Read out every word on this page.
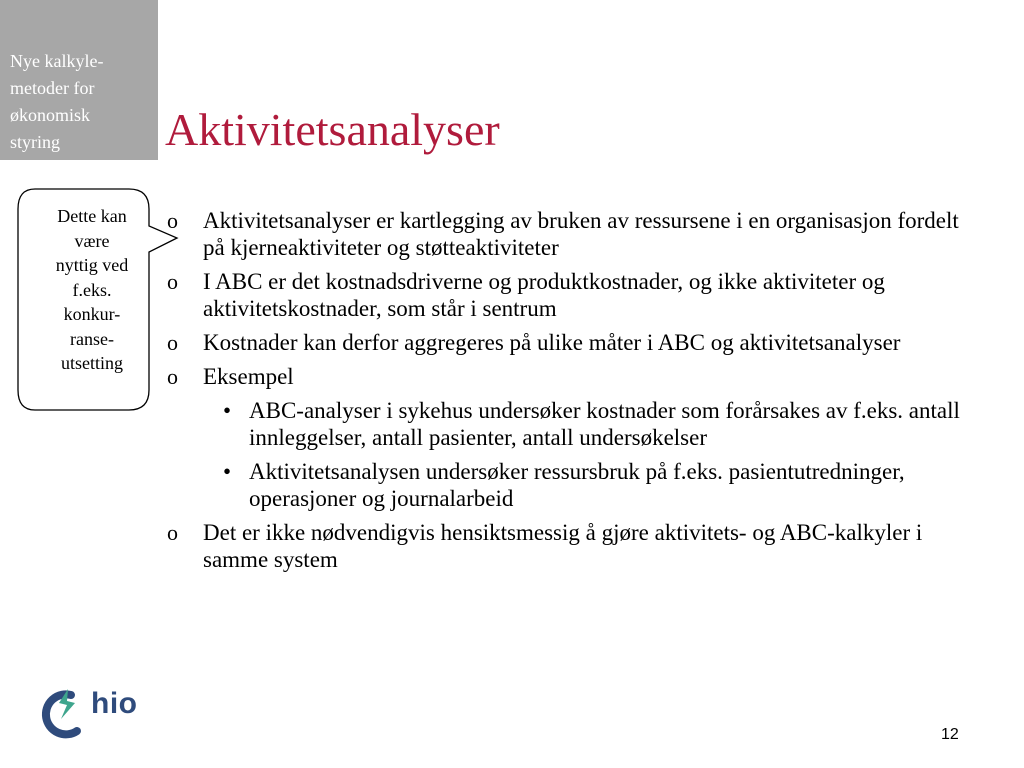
Nye kalkyle-
metoder for
økonomisk
styring	Aktivitetsanalyser
Dette kan
være
nyttig ved
f.eks.
konkur-
ranse-
utsetting
o Aktivitetsanalyser er kartlegging av bruken av ressursene i en organisasjon fordelt på kjerneaktiviteter og støtteaktiviteter
o I ABC er det kostnadsdriverne og produktkostnader, og ikke aktiviteter og aktivitetskostnader, som står i sentrum
o Kostnader kan derfor aggregeres på ulike måter i ABC og aktivitetsanalyser
o Eksempel
• ABC-analyser i sykehus undersøker kostnader som forårsakes av f.eks. antall innleggelser, antall pasienter, antall undersøkelser
• Aktivitetsanalysen undersøker ressursbruk på f.eks. pasientutredninger, operasjoner og journalarbeid
o Det er ikke nødvendigvis hensiktsmessig å gjøre aktivitets- og ABC-kalkyler i samme system
hio
12
